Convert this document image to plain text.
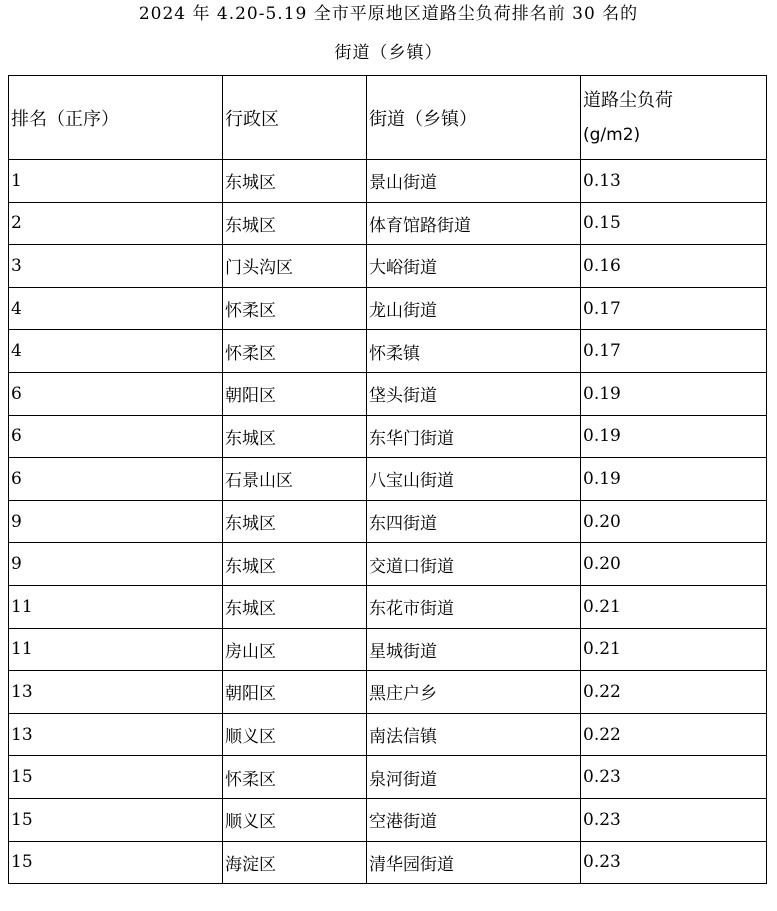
2024 年 4.20-5.19 全市平原地区道路尘负荷排名前 30 名的
街道（乡镇）
排名（正序）	行政区	街道（乡镇）	道路尘负荷
(g/m2)

1	东城区	景山街道	0.13
2	东城区	体育馆路街道	0.15
3	门头沟区	大峪街道	0.16
4	怀柔区	龙山街道	0.17
4	怀柔区	怀柔镇	0.17
6	朝阳区	垡头街道	0.19
6	东城区	东华门街道	0.19
6	石景山区	八宝山街道	0.19
9	东城区	东四街道	0.20
9	东城区	交道口街道	0.20
11	东城区	东花市街道	0.21
11	房山区	星城街道	0.21
13	朝阳区	黑庄户乡	0.22
13	顺义区	南法信镇	0.22
15	怀柔区	泉河街道	0.23
15	顺义区	空港街道	0.23
15	海淀区	清华园街道	0.23
